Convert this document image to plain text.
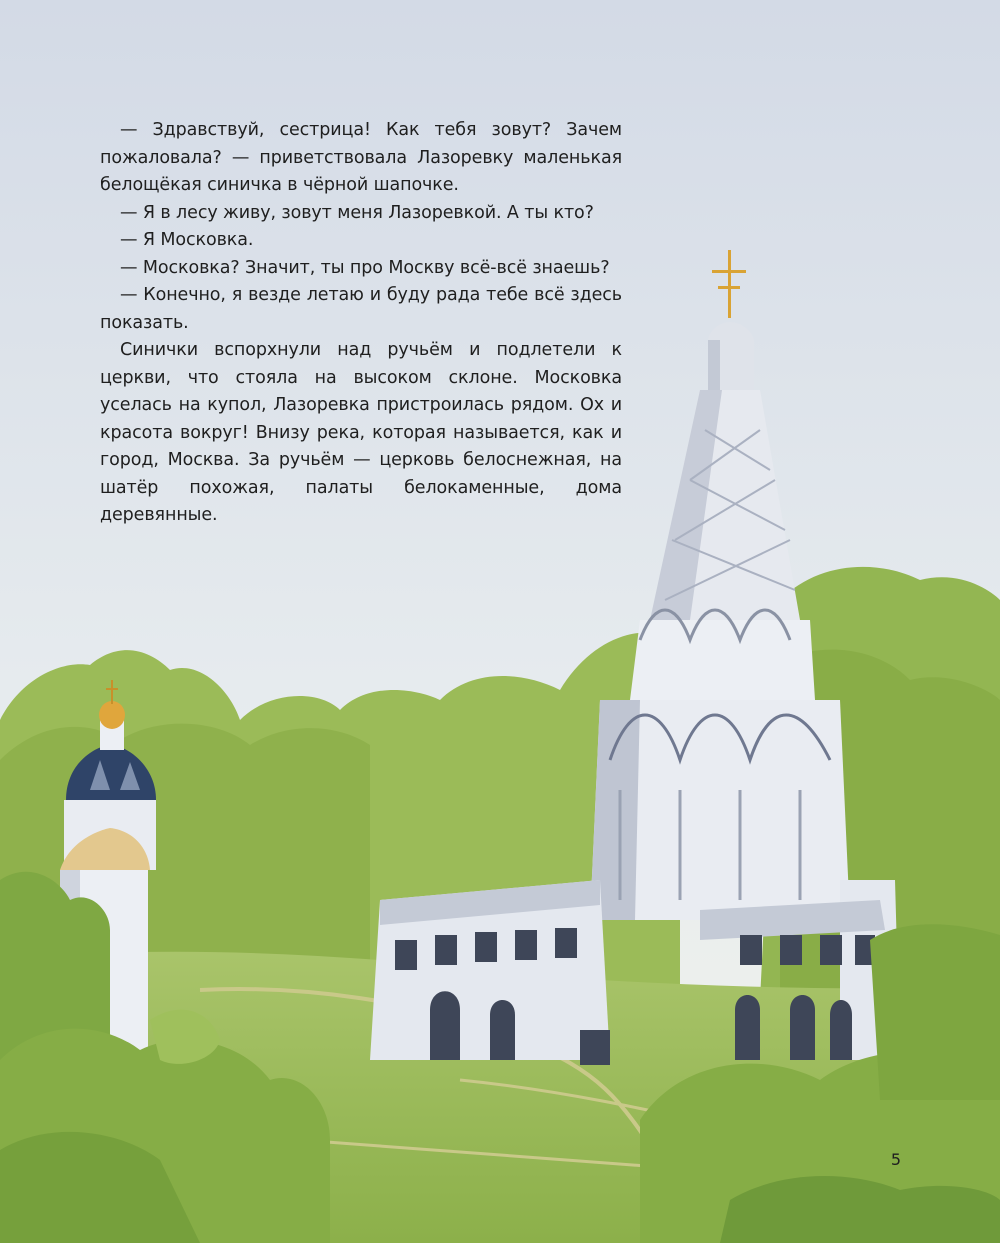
— Здравствуй, сестрица! Как тебя зовут? Зачем пожаловала? — приветствовала Лазоревку маленькая белощёкая синичка в чёрной шапочке.

— Я в лесу живу, зовут меня Лазоревкой. А ты кто?

— Я Московка.

— Московка? Значит, ты про Москву всё-всё знаешь?

— Конечно, я везде летаю и буду рада тебе всё здесь показать.

Синички вспорхнули над ручьём и подлетели к церкви, что стояла на высоком склоне. Московка уселась на купол, Лазоревка пристроилась рядом. Ох и красота вокруг! Внизу река, которая называется, как и город, Москва. За ручьём — церковь белоснежная, на шатёр похожая, палаты белокаменные, дома деревянные.

5
